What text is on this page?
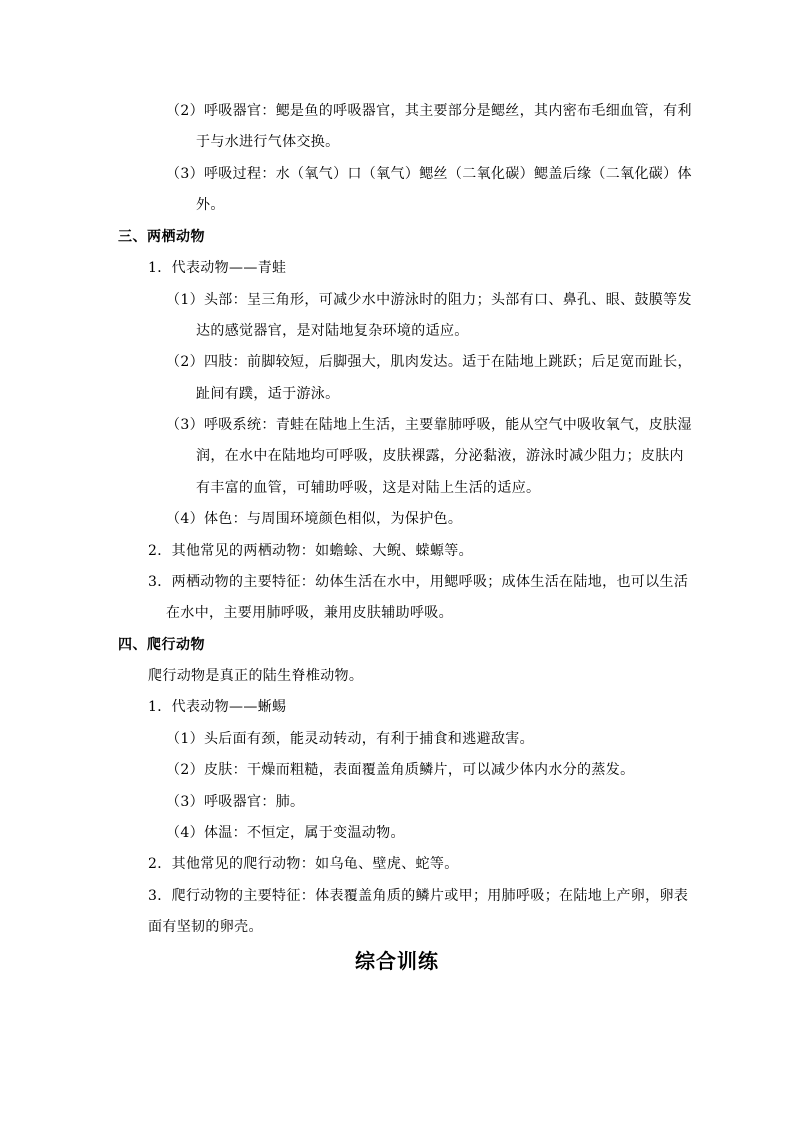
（2）呼吸器官：鳃是鱼的呼吸器官，其主要部分是鳃丝，其内密布毛细血管，有利
于与水进行气体交换。
（3）呼吸过程：水（氧气）口（氧气）鳃丝（二氧化碳）鳃盖后缘（二氧化碳）体
外。
三、两栖动物
1．代表动物——青蛙
（1）头部：呈三角形，可减少水中游泳时的阻力；头部有口、鼻孔、眼、鼓膜等发
达的感觉器官，是对陆地复杂环境的适应。
（2）四肢：前脚较短，后脚强大，肌肉发达。适于在陆地上跳跃；后足宽而趾长，
趾间有蹼，适于游泳。
（3）呼吸系统：青蛙在陆地上生活，主要靠肺呼吸，能从空气中吸收氧气，皮肤湿
润，在水中在陆地均可呼吸，皮肤裸露，分泌黏液，游泳时减少阻力；皮肤内
有丰富的血管，可辅助呼吸，这是对陆上生活的适应。
（4）体色：与周围环境颜色相似，为保护色。
2．其他常见的两栖动物：如蟾蜍、大鲵、蝾螈等。
3．两栖动物的主要特征：幼体生活在水中，用鳃呼吸；成体生活在陆地，也可以生活
在水中，主要用肺呼吸，兼用皮肤辅助呼吸。
四、爬行动物
爬行动物是真正的陆生脊椎动物。
1．代表动物——蜥蜴
（1）头后面有颈，能灵动转动，有利于捕食和逃避敌害。
（2）皮肤：干燥而粗糙，表面覆盖角质鳞片，可以减少体内水分的蒸发。
（3）呼吸器官：肺。
（4）体温：不恒定，属于变温动物。
2．其他常见的爬行动物：如乌龟、壁虎、蛇等。
3．爬行动物的主要特征：体表覆盖角质的鳞片或甲；用肺呼吸；在陆地上产卵，卵表
面有坚韧的卵壳。
综合训练
